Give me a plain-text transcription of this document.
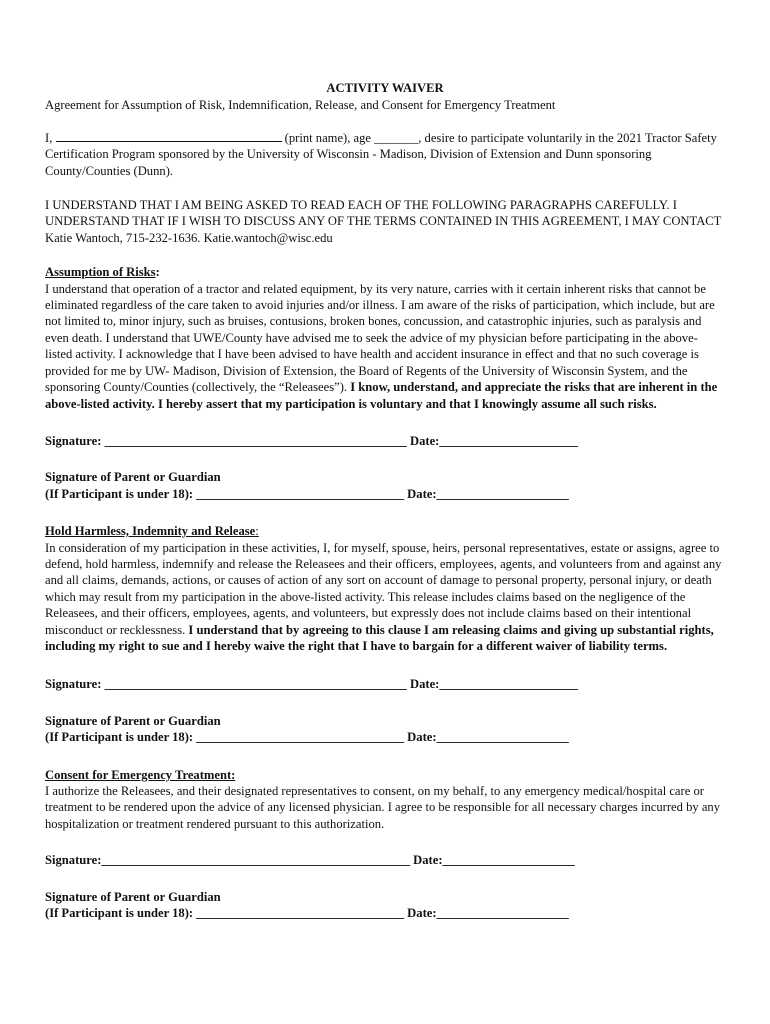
ACTIVITY WAIVER

Agreement for Assumption of Risk, Indemnification, Release, and Consent for Emergency Treatment

I,	(print name), age _______, desire to participate voluntarily in the 2021 Tractor Safety Certification Program sponsored by the University of Wisconsin - Madison, Division of Extension and Dunn sponsoring County/Counties (Dunn).

I UNDERSTAND THAT I AM BEING ASKED TO READ EACH OF THE FOLLOWING PARAGRAPHS CAREFULLY. I UNDERSTAND THAT IF I WISH TO DISCUSS ANY OF THE TERMS CONTAINED IN THIS AGREEMENT, I MAY CONTACT Katie Wantoch, 715-232-1636. Katie.wantoch@wisc.edu

Assumption of Risks:

I understand that operation of a tractor and related equipment, by its very nature, carries with it certain inherent risks that cannot be eliminated regardless of the care taken to avoid injuries and/or illness. I am aware of the risks of participation, which include, but are not limited to, minor injury, such as bruises, contusions, broken bones, concussion, and catastrophic injuries, such as paralysis and even death. I understand that UWE/County have advised me to seek the advice of my physician before participating in the above-listed activity. I acknowledge that I have been advised to have health and accident insurance in effect and that no such coverage is provided for me by UW- Madison, Division of Extension, the Board of Regents of the University of Wisconsin System, and the sponsoring County/Counties (collectively, the “Releasees”). I know, understand, and appreciate the risks that are inherent in the above-listed activity. I hereby assert that my participation is voluntary and that I knowingly assume all such risks.

Signature: ________________________________________________ Date:______________________

Signature of Parent or Guardian

(If Participant is under 18): _________________________________ Date:_____________________

Hold Harmless, Indemnity and Release:

In consideration of my participation in these activities, I, for myself, spouse, heirs, personal representatives, estate or assigns, agree to defend, hold harmless, indemnify and release the Releasees and their officers, employees, agents, and volunteers from and against any and all claims, demands, actions, or causes of action of any sort on account of damage to personal property, personal injury, or death which may result from my participation in the above-listed activity. This release includes claims based on the negligence of the Releasees, and their officers, employees, agents, and volunteers, but expressly does not include claims based on their intentional misconduct or recklessness. I understand that by agreeing to this clause I am releasing claims and giving up substantial rights, including my right to sue and I hereby waive the right that I have to bargain for a different waiver of liability terms.

Signature: ________________________________________________ Date:______________________

Signature of Parent or Guardian

(If Participant is under 18): _________________________________ Date:_____________________

Consent for Emergency Treatment:

I authorize the Releasees, and their designated representatives to consent, on my behalf, to any emergency medical/hospital care or treatment to be rendered upon the advice of any licensed physician. I agree to be responsible for all necessary charges incurred by any hospitalization or treatment rendered pursuant to this authorization.

Signature:_________________________________________________ Date:_____________________

Signature of Parent or Guardian

(If Participant is under 18): _________________________________ Date:_____________________
